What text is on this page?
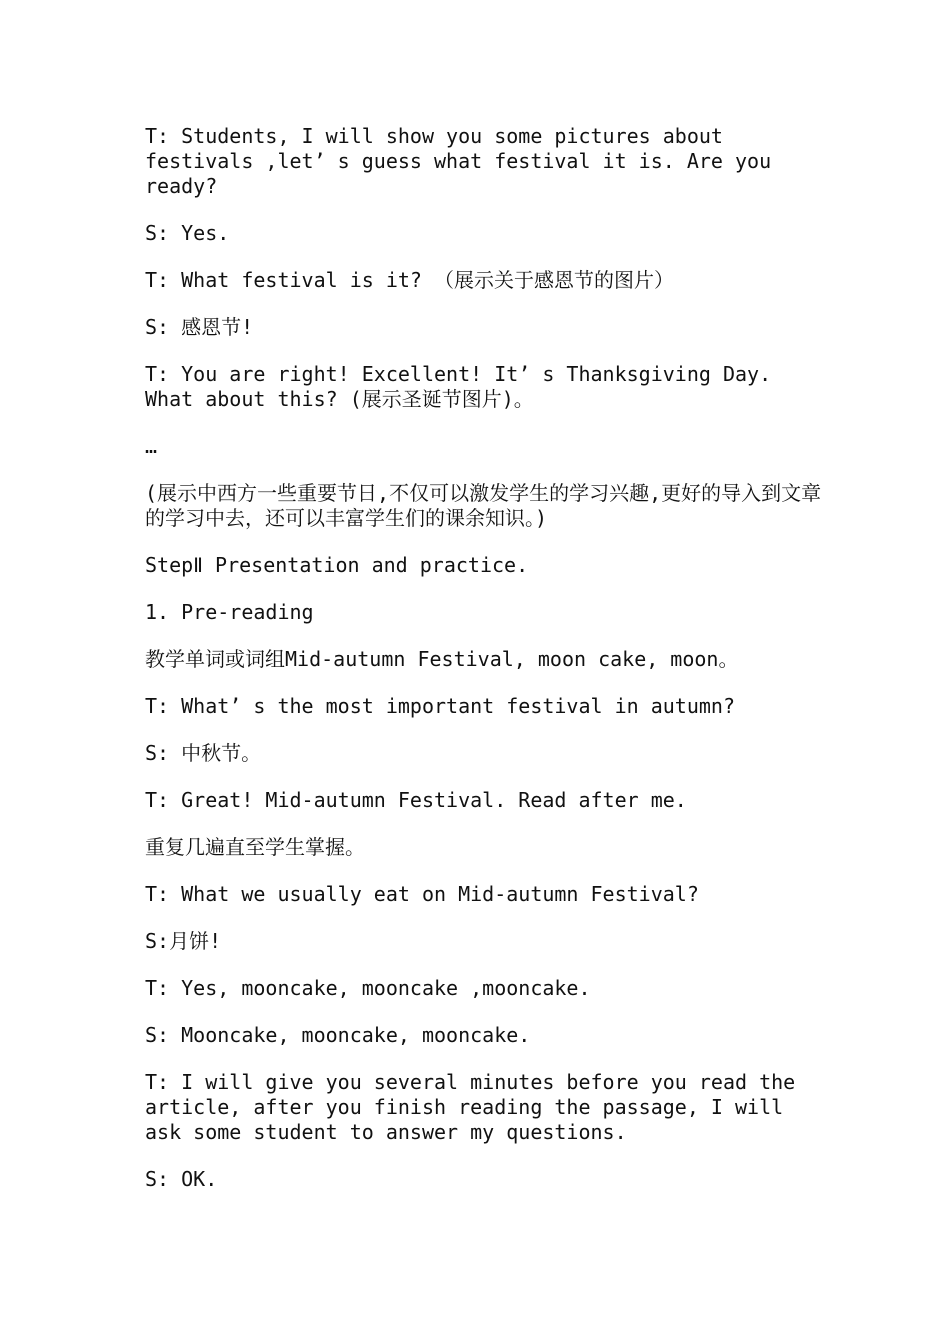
T: Students, I will show you some pictures about festivals ,let’ s guess what festival it is. Are you ready?

S: Yes.

T: What festival is it? （展示关于感恩节的图片）

S: 感恩节!

T: You are right! Excellent! It’ s Thanksgiving Day. What about this? (展示圣诞节图片)。

…

(展示中西方一些重要节日,不仅可以激发学生的学习兴趣,更好的导入到文章的学习中去，还可以丰富学生们的课余知识。)

StepⅡ Presentation and practice.

1. Pre-reading

教学单词或词组Mid-autumn Festival, moon cake, moon。

T: What’ s the most important festival in autumn?

S: 中秋节。

T: Great! Mid-autumn Festival. Read after me.

重复几遍直至学生掌握。

T: What we usually eat on Mid-autumn Festival?

S:月饼!

T: Yes, mooncake, mooncake ,mooncake.

S: Mooncake, mooncake, mooncake.

T: I will give you several minutes before you read the article, after you finish reading the passage, I will ask some student to answer my questions.

S: OK.
